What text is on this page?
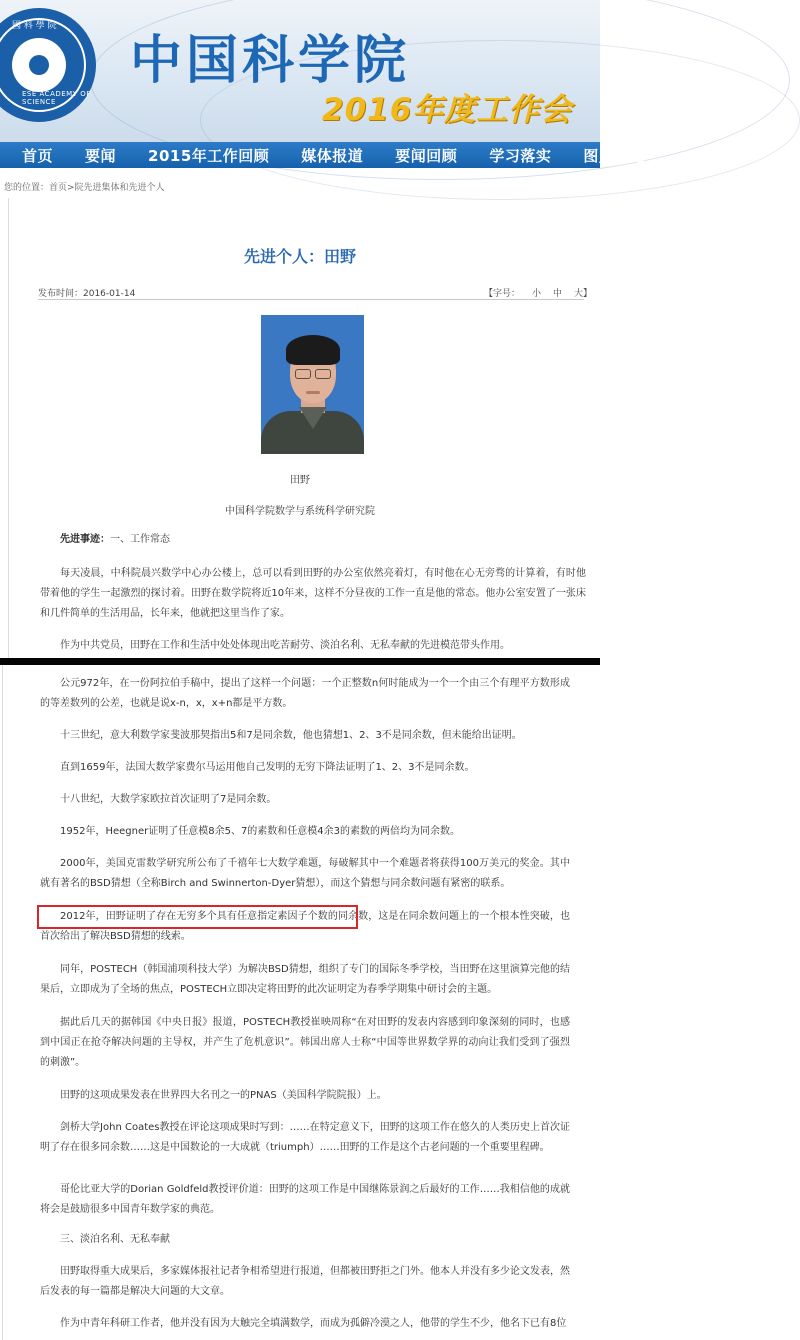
國 科 學 院
ESE ACADEMY OF SCIENCE
中国科学院
2016年度工作会
首页 要闻 2015年工作回顾 媒体报道 要闻回顾 学习落实 图片报道
您的位置：首页>院先进集体和先进个人
先进个人：田野
发布时间：2016-01-14	【字号： 小 中 大】
田野
中国科学院数学与系统科学研究院
先进事迹：一、工作常态
每天凌晨，中科院晨兴数学中心办公楼上，总可以看到田野的办公室依然亮着灯，有时他在心无旁骛的计算着，有时他带着他的学生一起激烈的探讨着。田野在数学院将近10年来，这样不分昼夜的工作一直是他的常态。他办公室安置了一张床和几件简单的生活用品，长年来，他就把这里当作了家。
作为中共党员，田野在工作和生活中处处体现出吃苦耐劳、淡泊名利、无私奉献的先进模范带头作用。
公元972年，在一份阿拉伯手稿中，提出了这样一个问题：一个正整数n何时能成为一个一个由三个有理平方数形成的等差数列的公差，也就是说x-n，x，x+n都是平方数。
十三世纪，意大利数学家斐波那契指出5和7是同余数，他也猜想1、2、3不是同余数，但未能给出证明。
直到1659年，法国大数学家费尔马运用他自己发明的无穷下降法证明了1、2、3不是同余数。
十八世纪，大数学家欧拉首次证明了7是同余数。
1952年，Heegner证明了任意模8余5、7的素数和任意模4余3的素数的两倍均为同余数。
2000年，美国克雷数学研究所公布了千禧年七大数学难题，每破解其中一个难题者将获得100万美元的奖金。其中就有著名的BSD猜想（全称Birch and Swinnerton-Dyer猜想），而这个猜想与同余数问题有紧密的联系。
2012年，田野证明了存在无穷多个具有任意指定素因子个数的同余数，这是在同余数问题上的一个根本性突破，也首次给出了解决BSD猜想的线索。
同年，POSTECH（韩国浦项科技大学）为解决BSD猜想，组织了专门的国际冬季学校，当田野在这里演算完他的结果后，立即成为了全场的焦点，POSTECH立即决定将田野的此次证明定为春季学期集中研讨会的主题。
据此后几天的据韩国《中央日报》报道，POSTECH教授崔映周称“在对田野的发表内容感到印象深刻的同时，也感到中国正在抢夺解决问题的主导权，并产生了危机意识”。韩国出席人士称“中国等世界数学界的动向让我们受到了强烈的刺激”。
田野的这项成果发表在世界四大名刊之一的PNAS（美国科学院院报）上。
剑桥大学John Coates教授在评论这项成果时写到：……在特定意义下，田野的这项工作在悠久的人类历史上首次证明了存在很多同余数……这是中国数论的一大成就（triumph）……田野的工作是这个古老问题的一个重要里程碑。
哥伦比亚大学的Dorian Goldfeld教授评价道：田野的这项工作是中国继陈景润之后最好的工作……我相信他的成就将会是鼓励很多中国青年数学家的典范。
三、淡泊名利、无私奉献
田野取得重大成果后，多家媒体报社记者争相希望进行报道，但都被田野拒之门外。他本人并没有多少论文发表，然后发表的每一篇都是解决大问题的大文章。
作为中青年科研工作者，他并没有因为大触完全填满数学，而成为孤僻冷漠之人，他带的学生不少，他名下已有8位
